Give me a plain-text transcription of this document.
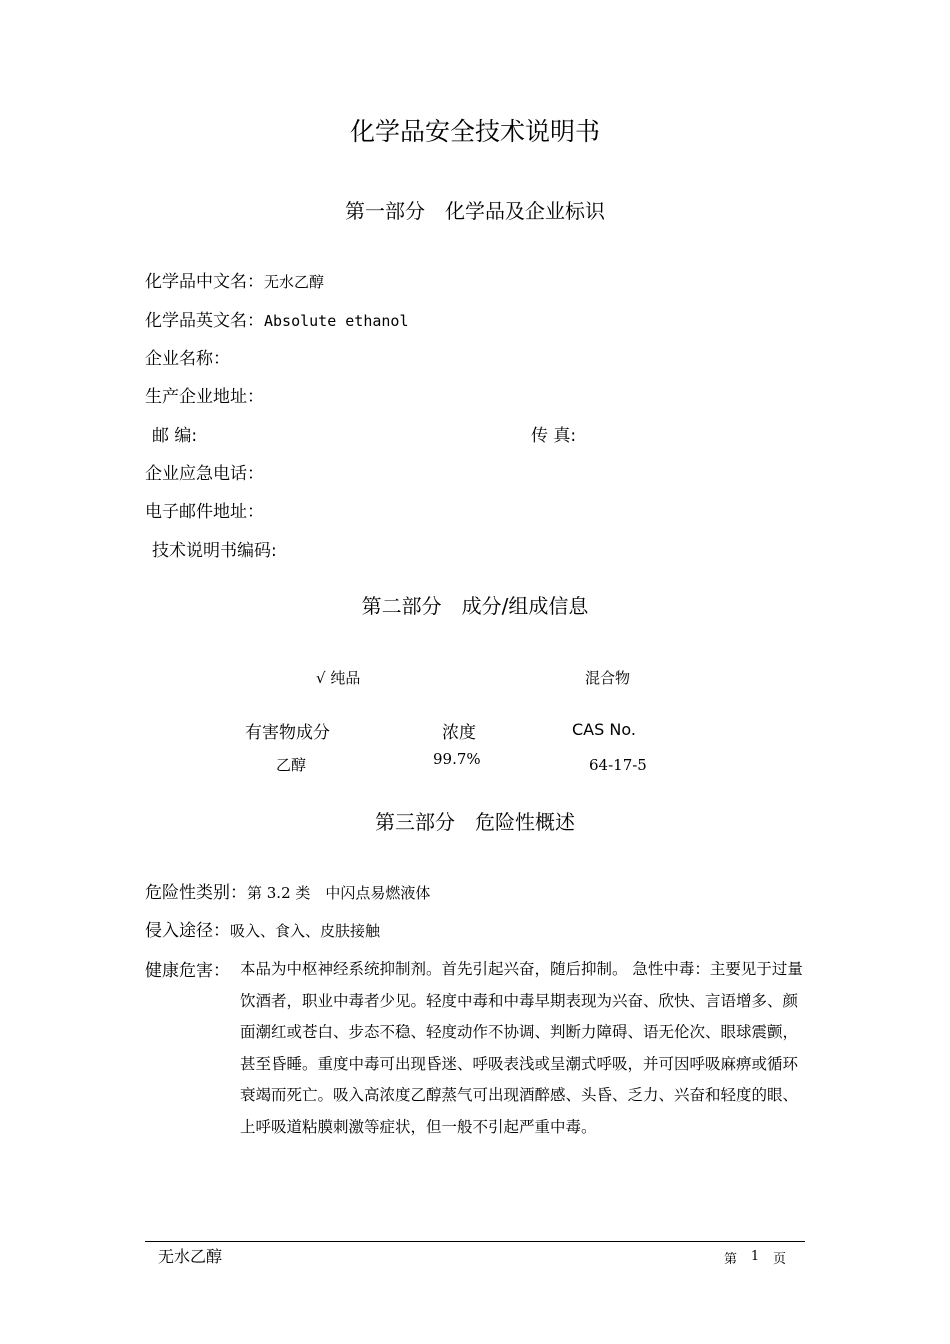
化学品安全技术说明书
第一部分　化学品及企业标识
化学品中文名：无水乙醇
化学品英文名：Absolute ethanol
企业名称：
生产企业地址：
邮 编:	传 真:
企业应急电话：
电子邮件地址：
技术说明书编码:
第二部分　成分/组成信息
√ 纯品	混合物
有害物成分	浓度	CAS No.
乙醇	99.7%	64-17-5
第三部分　危险性概述
危险性类别：第 3.2 类　中闪点易燃液体
侵入途径：吸入、食入、皮肤接触
健康危害： 本品为中枢神经系统抑制剂。首先引起兴奋，随后抑制。 急性中毒：主要见于过量饮酒者，职业中毒者少见。轻度中毒和中毒早期表现为兴奋、欣快、言语增多、颜面潮红或苍白、步态不稳、轻度动作不协调、判断力障碍、语无伦次、眼球震颤，甚至昏睡。重度中毒可出现昏迷、呼吸表浅或呈潮式呼吸，并可因呼吸麻痹或循环衰竭而死亡。吸入高浓度乙醇蒸气可出现酒醉感、头昏、乏力、兴奋和轻度的眼、上呼吸道粘膜刺激等症状，但一般不引起严重中毒。
无水乙醇	第 1 页
